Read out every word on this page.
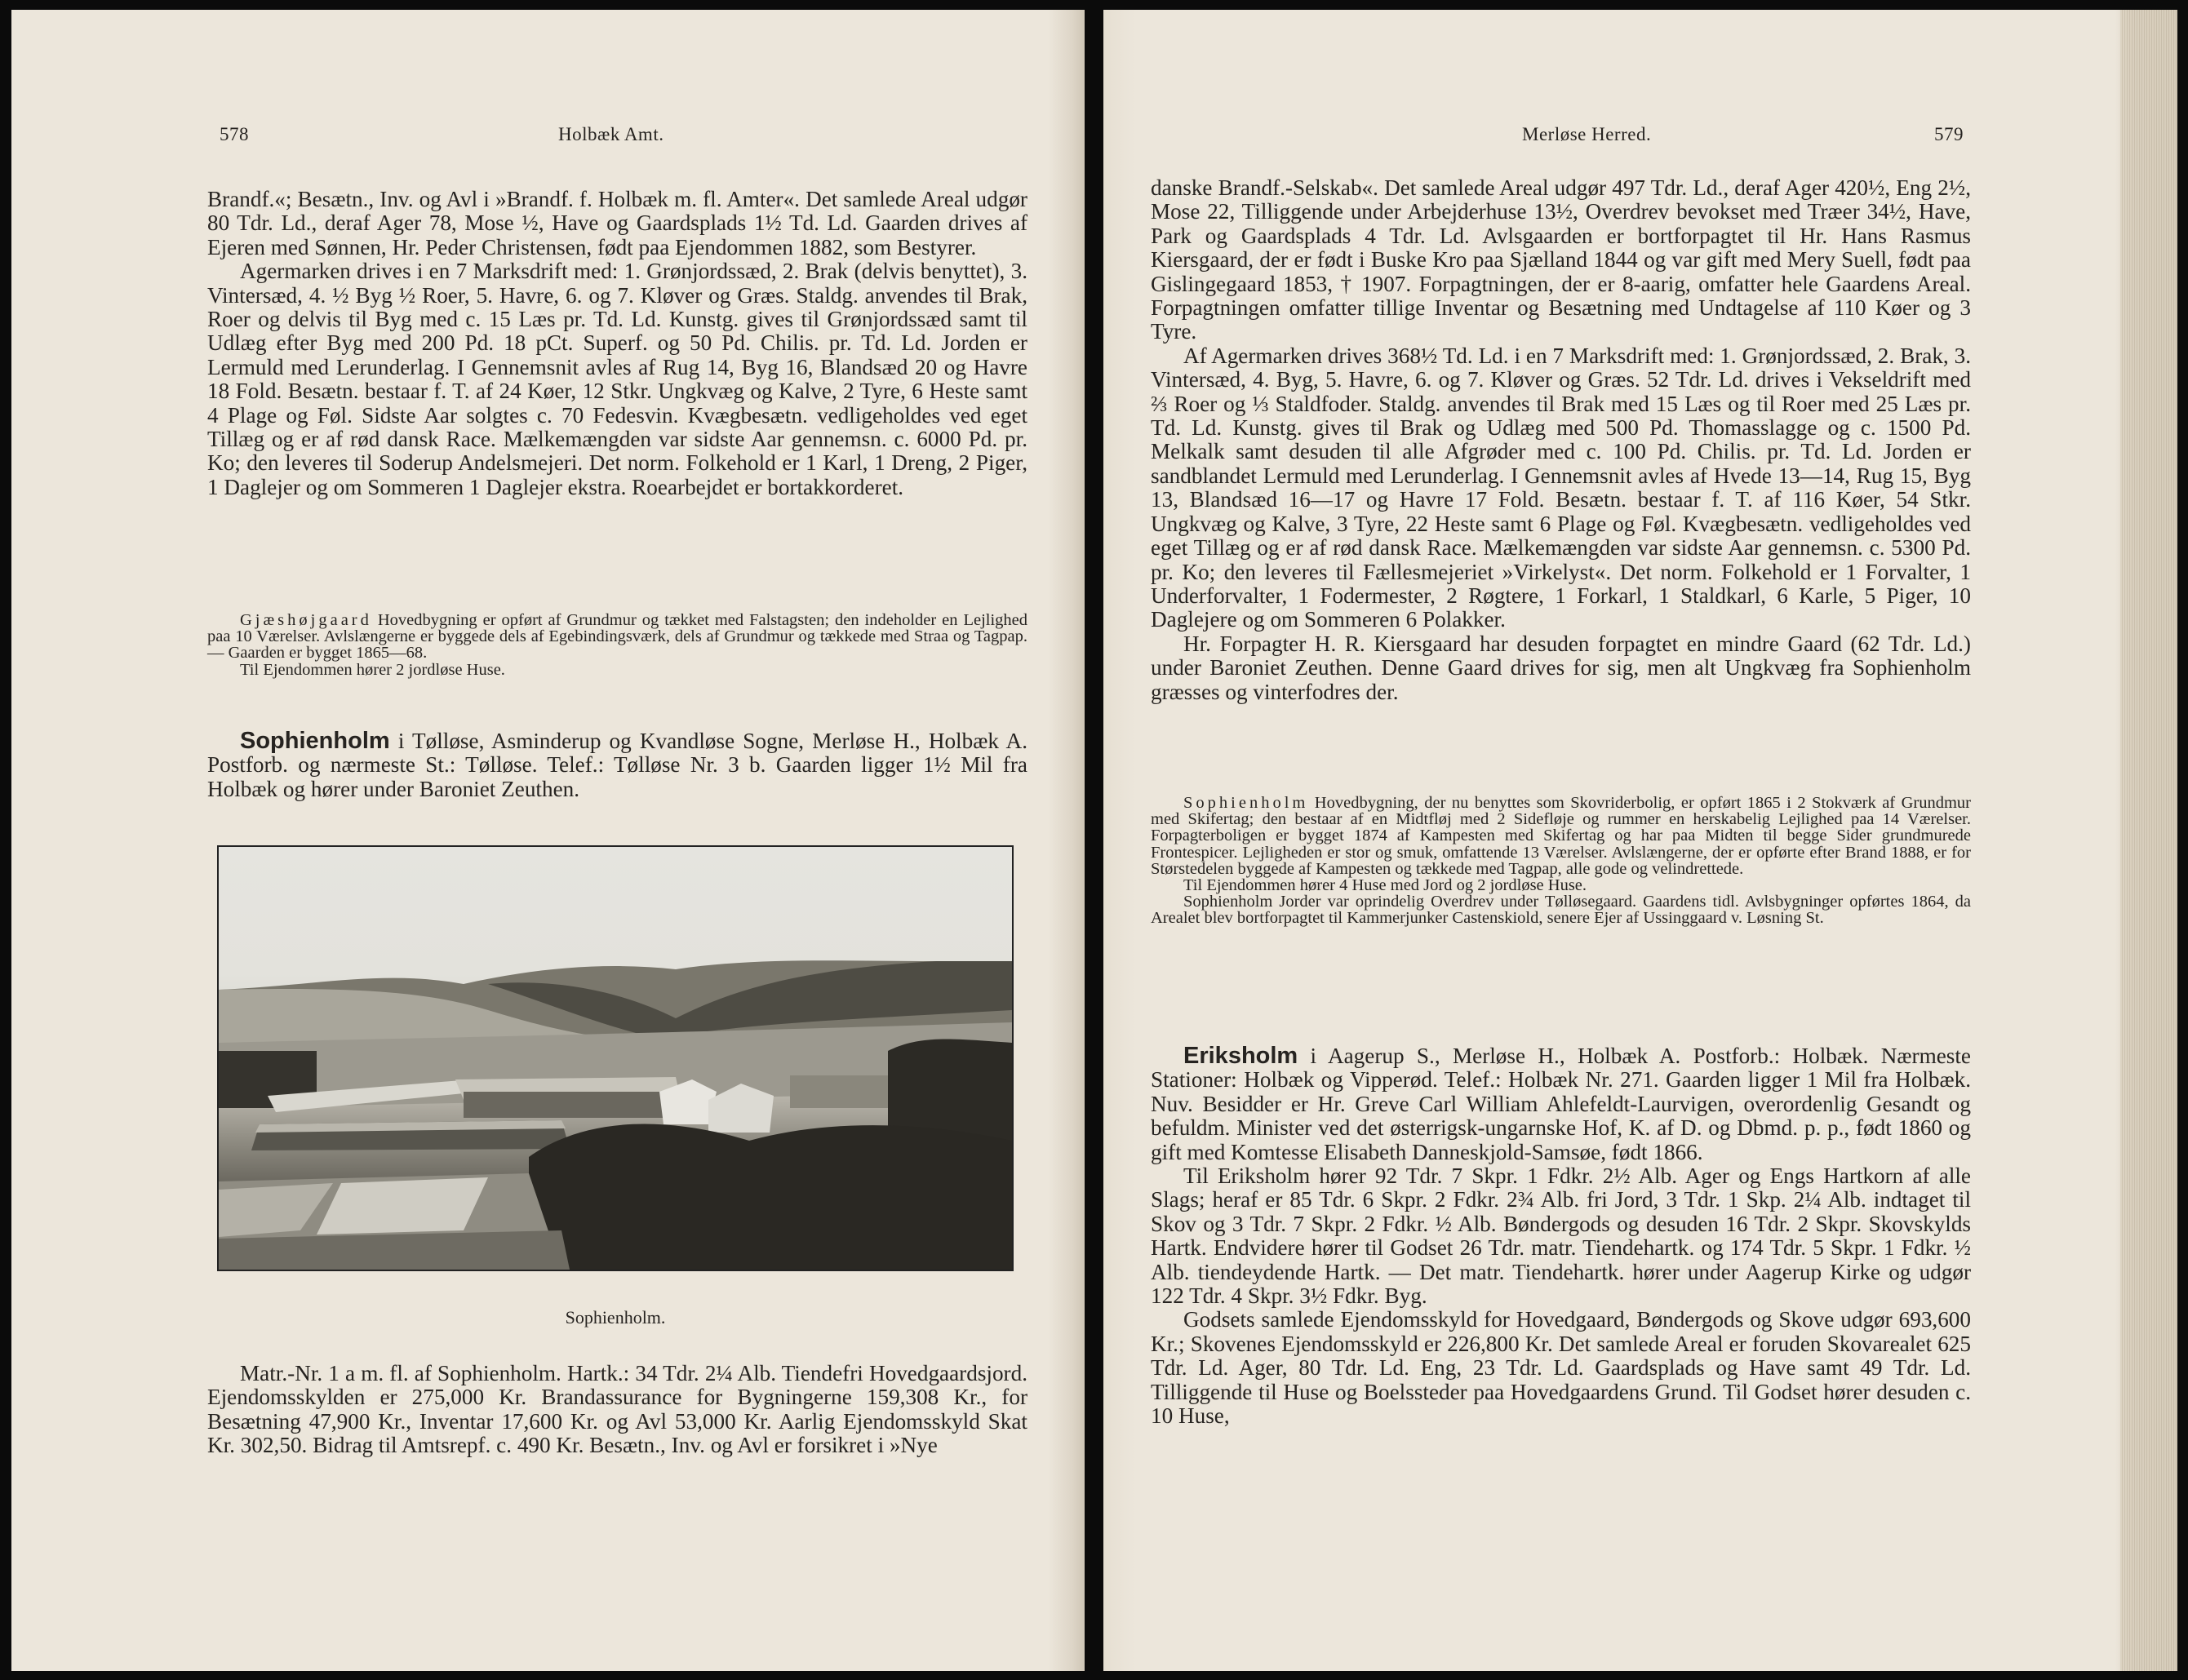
578	Holbæk Amt.

Brandf.«; Besætn., Inv. og Avl i »Brandf. f. Holbæk m. fl. Amter«. Det samlede Areal udgør 80 Tdr. Ld., deraf Ager 78, Mose ½, Have og Gaardsplads 1½ Td. Ld. Gaarden drives af Ejeren med Sønnen, Hr. Peder Christensen, født paa Ejendommen 1882, som Bestyrer.

Agermarken drives i en 7 Marksdrift med: 1. Grønjordssæd, 2. Brak (delvis benyttet), 3. Vintersæd, 4. ½ Byg ½ Roer, 5. Havre, 6. og 7. Kløver og Græs. Staldg. anvendes til Brak, Roer og delvis til Byg med c. 15 Læs pr. Td. Ld. Kunstg. gives til Grønjordssæd samt til Udlæg efter Byg med 200 Pd. 18 pCt. Superf. og 50 Pd. Chilis. pr. Td. Ld. Jorden er Lermuld med Lerunderlag. I Gennemsnit avles af Rug 14, Byg 16, Blandsæd 20 og Havre 18 Fold. Besætn. bestaar f. T. af 24 Køer, 12 Stkr. Ungkvæg og Kalve, 2 Tyre, 6 Heste samt 4 Plage og Føl. Sidste Aar solgtes c. 70 Fedesvin. Kvægbesætn. vedligeholdes ved eget Tillæg og er af rød dansk Race. Mælkemængden var sidste Aar gennemsn. c. 6000 Pd. pr. Ko; den leveres til Soderup Andelsmejeri. Det norm. Folkehold er 1 Karl, 1 Dreng, 2 Piger, 1 Daglejer og om Sommeren 1 Daglejer ekstra. Roearbejdet er bortakkorderet.

Gjæshøjgaard Hovedbygning er opført af Grundmur og tækket med Falstagsten; den indeholder en Lejlighed paa 10 Værelser. Avlslængerne er byggede dels af Egebindingsværk, dels af Grundmur og tækkede med Straa og Tagpap. — Gaarden er bygget 1865—68.

Til Ejendommen hører 2 jordløse Huse.

Sophienholm i Tølløse, Asminderup og Kvandløse Sogne, Merløse H., Holbæk A. Postforb. og nærmeste St.: Tølløse. Telef.: Tølløse Nr. 3 b. Gaarden ligger 1½ Mil fra Holbæk og hører under Baroniet Zeuthen.

Sophienholm.

Matr.-Nr. 1 a m. fl. af Sophienholm. Hartk.: 34 Tdr. 2¼ Alb. Tiendefri Hovedgaardsjord. Ejendomsskylden er 275,000 Kr. Brandassurance for Bygningerne 159,308 Kr., for Besætning 47,900 Kr., Inventar 17,600 Kr. og Avl 53,000 Kr. Aarlig Ejendomsskyld Skat Kr. 302,50. Bidrag til Amtsrepf. c. 490 Kr. Besætn., Inv. og Avl er forsikret i »Nye

Merløse Herred.	579

danske Brandf.-Selskab«. Det samlede Areal udgør 497 Tdr. Ld., deraf Ager 420½, Eng 2½, Mose 22, Tilliggende under Arbejderhuse 13½, Overdrev bevokset med Træer 34½, Have, Park og Gaardsplads 4 Tdr. Ld. Avlsgaarden er bortforpagtet til Hr. Hans Rasmus Kiersgaard, der er født i Buske Kro paa Sjælland 1844 og var gift med Mery Suell, født paa Gislingegaard 1853, † 1907. Forpagtningen, der er 8-aarig, omfatter hele Gaardens Areal. Forpagtningen omfatter tillige Inventar og Besætning med Undtagelse af 110 Køer og 3 Tyre.

Af Agermarken drives 368½ Td. Ld. i en 7 Marksdrift med: 1. Grønjordssæd, 2. Brak, 3. Vintersæd, 4. Byg, 5. Havre, 6. og 7. Kløver og Græs. 52 Tdr. Ld. drives i Vekseldrift med ⅔ Roer og ⅓ Staldfoder. Staldg. anvendes til Brak med 15 Læs og til Roer med 25 Læs pr. Td. Ld. Kunstg. gives til Brak og Udlæg med 500 Pd. Thomasslagge og c. 1500 Pd. Melkalk samt desuden til alle Afgrøder med c. 100 Pd. Chilis. pr. Td. Ld. Jorden er sandblandet Lermuld med Lerunderlag. I Gennemsnit avles af Hvede 13—14, Rug 15, Byg 13, Blandsæd 16—17 og Havre 17 Fold. Besætn. bestaar f. T. af 116 Køer, 54 Stkr. Ungkvæg og Kalve, 3 Tyre, 22 Heste samt 6 Plage og Føl. Kvægbesætn. vedligeholdes ved eget Tillæg og er af rød dansk Race. Mælkemængden var sidste Aar gennemsn. c. 5300 Pd. pr. Ko; den leveres til Fællesmejeriet »Virkelyst«. Det norm. Folkehold er 1 Forvalter, 1 Underforvalter, 1 Fodermester, 2 Røgtere, 1 Forkarl, 1 Staldkarl, 6 Karle, 5 Piger, 10 Daglejere og om Sommeren 6 Polakker.

Hr. Forpagter H. R. Kiersgaard har desuden forpagtet en mindre Gaard (62 Tdr. Ld.) under Baroniet Zeuthen. Denne Gaard drives for sig, men alt Ungkvæg fra Sophienholm græsses og vinterfodres der.

Sophienholm Hovedbygning, der nu benyttes som Skovriderbolig, er opført 1865 i 2 Stokværk af Grundmur med Skifertag; den bestaar af en Midtfløj med 2 Sidefløje og rummer en herskabelig Lejlighed paa 14 Værelser. Forpagterboligen er bygget 1874 af Kampesten med Skifertag og har paa Midten til begge Sider grundmurede Frontespicer. Lejligheden er stor og smuk, omfattende 13 Værelser. Avlslængerne, der er opførte efter Brand 1888, er for Størstedelen byggede af Kampesten og tækkede med Tagpap, alle gode og velindrettede.

Til Ejendommen hører 4 Huse med Jord og 2 jordløse Huse.

Sophienholm Jorder var oprindelig Overdrev under Tølløsegaard. Gaardens tidl. Avlsbygninger opførtes 1864, da Arealet blev bortforpagtet til Kammerjunker Castenskiold, senere Ejer af Ussinggaard v. Løsning St.

Eriksholm i Aagerup S., Merløse H., Holbæk A. Postforb.: Holbæk. Nærmeste Stationer: Holbæk og Vipperød. Telef.: Holbæk Nr. 271. Gaarden ligger 1 Mil fra Holbæk. Nuv. Besidder er Hr. Greve Carl William Ahlefeldt-Laurvigen, overordenlig Gesandt og befuldm. Minister ved det østerrigsk-ungarnske Hof, K. af D. og Dbmd. p. p., født 1860 og gift med Komtesse Elisabeth Danneskjold-Samsøe, født 1866.

Til Eriksholm hører 92 Tdr. 7 Skpr. 1 Fdkr. 2½ Alb. Ager og Engs Hartkorn af alle Slags; heraf er 85 Tdr. 6 Skpr. 2 Fdkr. 2¾ Alb. fri Jord, 3 Tdr. 1 Skp. 2¼ Alb. indtaget til Skov og 3 Tdr. 7 Skpr. 2 Fdkr. ½ Alb. Bøndergods og desuden 16 Tdr. 2 Skpr. Skovskylds Hartk. Endvidere hører til Godset 26 Tdr. matr. Tiendehartk. og 174 Tdr. 5 Skpr. 1 Fdkr. ½ Alb. tiendeydende Hartk. — Det matr. Tiendehartk. hører under Aagerup Kirke og udgør 122 Tdr. 4 Skpr. 3½ Fdkr. Byg.

Godsets samlede Ejendomsskyld for Hovedgaard, Bøndergods og Skove udgør 693,600 Kr.; Skovenes Ejendomsskyld er 226,800 Kr. Det samlede Areal er foruden Skovarealet 625 Tdr. Ld. Ager, 80 Tdr. Ld. Eng, 23 Tdr. Ld. Gaardsplads og Have samt 49 Tdr. Ld. Tilliggende til Huse og Boelssteder paa Hovedgaardens Grund. Til Godset hører desuden c. 10 Huse,
